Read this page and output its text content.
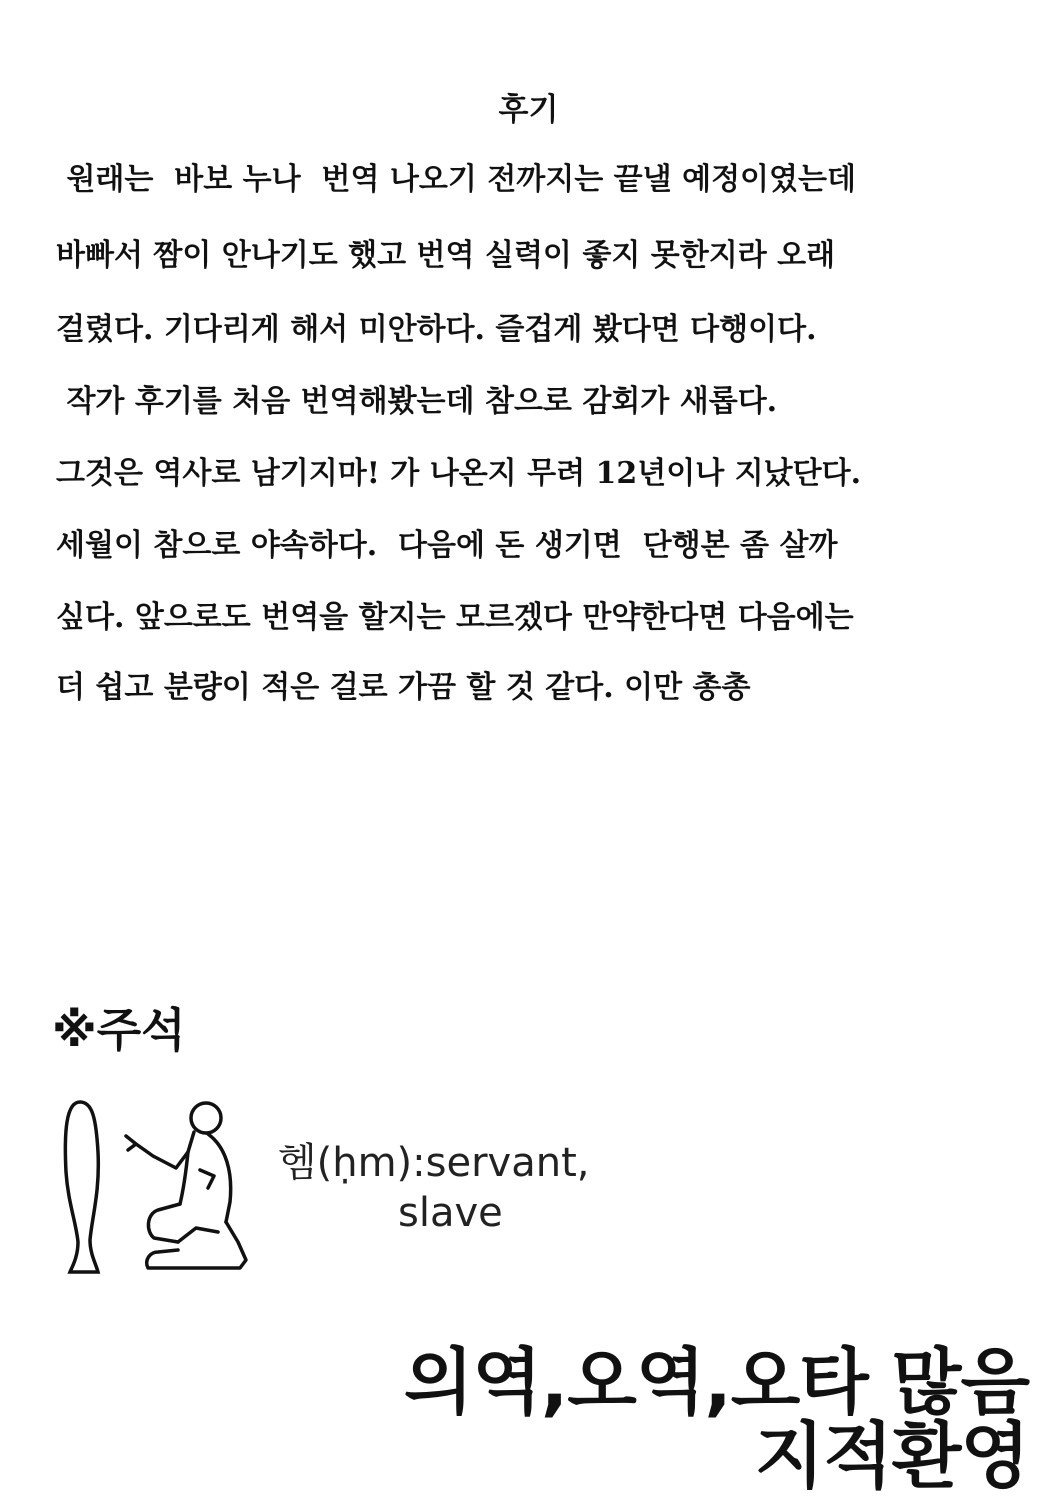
후기
원래는  바보 누나  번역 나오기 전까지는 끝낼 예정이였는데
바빠서 짬이 안나기도 했고 번역 실력이 좋지 못한지라 오래
걸렸다. 기다리게 해서 미안하다. 즐겁게 봤다면 다행이다.
작가 후기를 처음 번역해봤는데 참으로 감회가 새롭다.
그것은 역사로 남기지마! 가 나온지 무려 12년이나 지났단다.
세월이 참으로 야속하다.  다음에 돈 생기면  단행본 좀 살까
싶다. 앞으로도 번역을 할지는 모르겠다 만약한다면 다음에는
더 쉽고 분량이 적은 걸로 가끔 할 것 같다. 이만 총총
※주석
헴(ḥm):servant,
slave
의역,오역,오타 많음
지적환영
